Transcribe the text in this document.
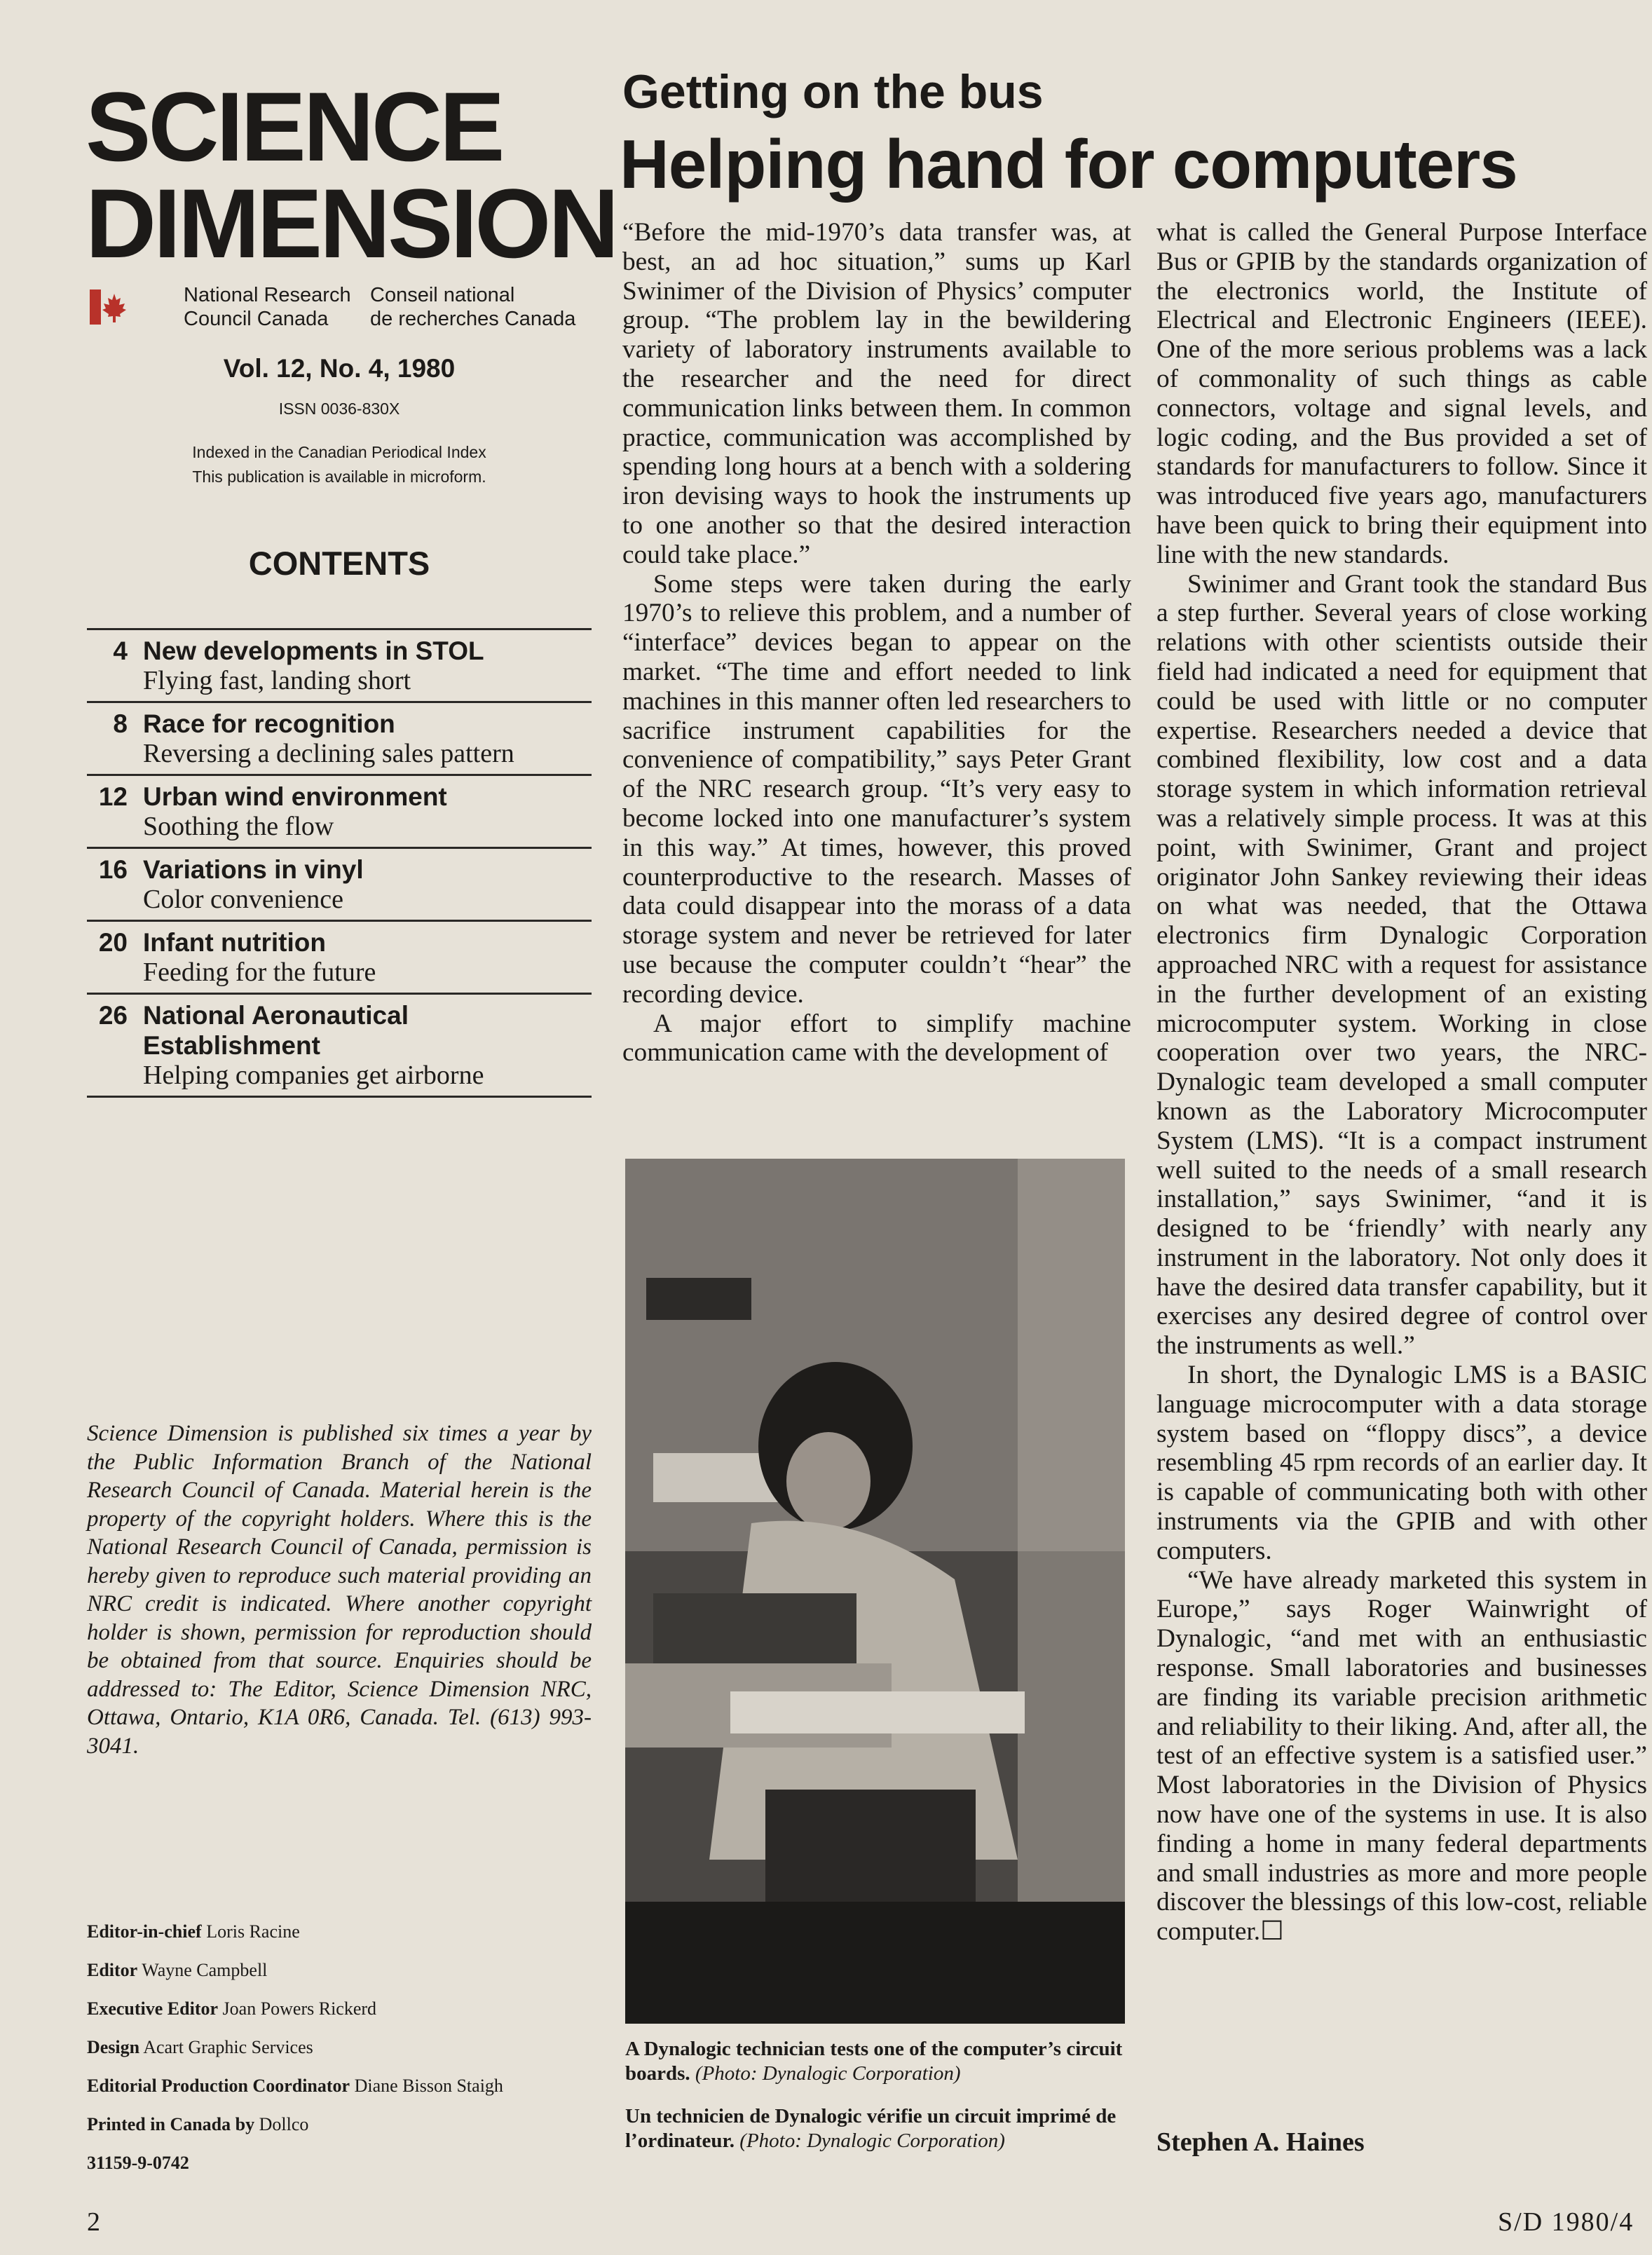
SCIENCE
DIMENSION
National Research
Council Canada
Conseil national
de recherches Canada
Vol. 12, No. 4, 1980
ISSN 0036-830X
Indexed in the Canadian Periodical Index
This publication is available in microform.
CONTENTS
4 New developments in STOL
Flying fast, landing short
8 Race for recognition
Reversing a declining sales pattern
12 Urban wind environment
Soothing the flow
16 Variations in vinyl
Color convenience
20 Infant nutrition
Feeding for the future
26 National Aeronautical Establishment
Helping companies get airborne
Science Dimension is published six times a year by the Public Information Branch of the National Research Council of Canada. Material herein is the property of the copyright holders. Where this is the National Research Council of Canada, permission is hereby given to reproduce such material providing an NRC credit is indicated. Where another copyright holder is shown, permission for reproduction should be obtained from that source. Enquiries should be addressed to: The Editor, Science Dimension NRC, Ottawa, Ontario, K1A 0R6, Canada. Tel. (613) 993-3041.
Editor-in-chief Loris Racine
Editor Wayne Campbell
Executive Editor Joan Powers Rickerd
Design Acart Graphic Services
Editorial Production Coordinator Diane Bisson Staigh
Printed in Canada by Dollco
31159-9-0742
2
Getting on the bus
Helping hand for computers

“Before the mid-1970’s data transfer was, at best, an ad hoc situation,” sums up Karl Swinimer of the Division of Physics’ computer group. “The problem lay in the bewildering variety of laboratory instruments available to the researcher and the need for direct communication links between them. In common practice, communication was accomplished by spending long hours at a bench with a soldering iron devising ways to hook the instruments up to one another so that the desired interaction could take place.”

Some steps were taken during the early 1970’s to relieve this problem, and a number of “interface” devices began to appear on the market. “The time and effort needed to link machines in this manner often led researchers to sacrifice instrument capabilities for the convenience of compatibility,” says Peter Grant of the NRC research group. “It’s very easy to become locked into one manufacturer’s system in this way.” At times, however, this proved counterproductive to the research. Masses of data could disappear into the morass of a data storage system and never be retrieved for later use because the computer couldn’t “hear” the recording device.

A major effort to simplify machine communication came with the development of

A Dynalogic technician tests one of the computer’s circuit boards. (Photo: Dynalogic Corporation)
Un technicien de Dynalogic vérifie un circuit imprimé de l’ordinateur. (Photo: Dynalogic Corporation)

what is called the General Purpose Interface Bus or GPIB by the standards organization of the electronics world, the Institute of Electrical and Electronic Engineers (IEEE). One of the more serious problems was a lack of commonality of such things as cable connectors, voltage and signal levels, and logic coding, and the Bus provided a set of standards for manufacturers to follow. Since it was introduced five years ago, manufacturers have been quick to bring their equipment into line with the new standards.

Swinimer and Grant took the standard Bus a step further. Several years of close working relations with other scientists outside their field had indicated a need for equipment that could be used with little or no computer expertise. Researchers needed a device that combined flexibility, low cost and a data storage system in which information retrieval was a relatively simple process. It was at this point, with Swinimer, Grant and project originator John Sankey reviewing their ideas on what was needed, that the Ottawa electronics firm Dynalogic Corporation approached NRC with a request for assistance in the further development of an existing microcomputer system. Working in close cooperation over two years, the NRC-Dynalogic team developed a small computer known as the Laboratory Microcomputer System (LMS). “It is a compact instrument well suited to the needs of a small research installation,” says Swinimer, “and it is designed to be ‘friendly’ with nearly any instrument in the laboratory. Not only does it have the desired data transfer capability, but it exercises any desired degree of control over the instruments as well.”

In short, the Dynalogic LMS is a BASIC language microcomputer with a data storage system based on “floppy discs”, a device resembling 45 rpm records of an earlier day. It is capable of communicating both with other instruments via the GPIB and with other computers.

“We have already marketed this system in Europe,” says Roger Wainwright of Dynalogic, “and met with an enthusiastic response. Small laboratories and businesses are finding its variable precision arithmetic and reliability to their liking. And, after all, the test of an effective system is a satisfied user.” Most laboratories in the Division of Physics now have one of the systems in use. It is also finding a home in many federal departments and small industries as more and more people discover the blessings of this low-cost, reliable computer.☐

Stephen A. Haines
S/D 1980/4
